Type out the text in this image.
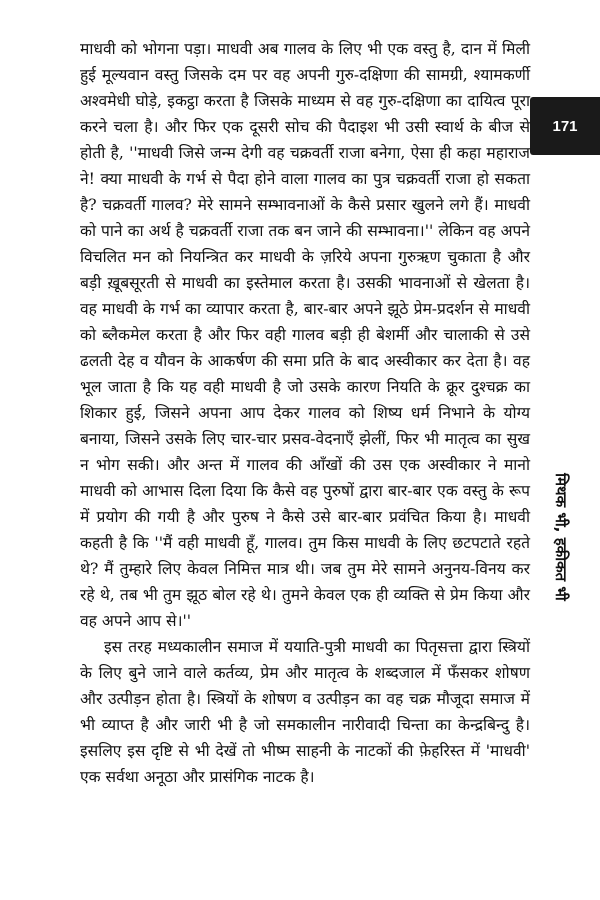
171
मिथक भी, हकीकत भी

माधवी को भोगना पड़ा। माधवी अब गालव के लिए भी एक वस्तु है, दान में मिली हुई मूल्यवान वस्तु जिसके दम पर वह अपनी गुरु-दक्षिणा की सामग्री, श्यामकर्णी अश्वमेधी घोड़े, इकट्ठा करता है जिसके माध्यम से वह गुरु-दक्षिणा का दायित्व पूरा करने चला है। और फिर एक दूसरी सोच की पैदाइश भी उसी स्वार्थ के बीज से होती है, ''माधवी जिसे जन्म देगी वह चक्रवर्ती राजा बनेगा, ऐसा ही कहा महाराज ने! क्या माधवी के गर्भ से पैदा होने वाला गालव का पुत्र चक्रवर्ती राजा हो सकता है? चक्रवर्ती गालव? मेरे सामने सम्भावनाओं के कैसे प्रसार खुलने लगे हैं। माधवी को पाने का अर्थ है चक्रवर्ती राजा तक बन जाने की सम्भावना।'' लेकिन वह अपने विचलित मन को नियन्त्रित कर माधवी के ज़रिये अपना गुरुऋण चुकाता है और बड़ी ख़ूबसूरती से माधवी का इस्तेमाल करता है। उसकी भावनाओं से खेलता है। वह माधवी के गर्भ का व्यापार करता है, बार-बार अपने झूठे प्रेम-प्रदर्शन से माधवी को ब्लैकमेल करता है और फिर वही गालव बड़ी ही बेशर्मी और चालाकी से उसे ढलती देह व यौवन के आकर्षण की समा प्रति के बाद अस्वीकार कर देता है। वह भूल जाता है कि यह वही माधवी है जो उसके कारण नियति के क्रूर दुश्चक्र का शिकार हुई, जिसने अपना आप देकर गालव को शिष्य धर्म निभाने के योग्य बनाया, जिसने उसके लिए चार-चार प्रसव-वेदनाएँ झेलीं, फिर भी मातृत्व का सुख न भोग सकी। और अन्त में गालव की आँखों की उस एक अस्वीकार ने मानो माधवी को आभास दिला दिया कि कैसे वह पुरुषों द्वारा बार-बार एक वस्तु के रूप में प्रयोग की गयी है और पुरुष ने कैसे उसे बार-बार प्रवंचित किया है। माधवी कहती है कि ''मैं वही माधवी हूँ, गालव। तुम किस माधवी के लिए छटपटाते रहते थे? मैं तुम्हारे लिए केवल निमित्त मात्र थी। जब तुम मेरे सामने अनुनय-विनय कर रहे थे, तब भी तुम झूठ बोल रहे थे। तुमने केवल एक ही व्यक्ति से प्रेम किया और वह अपने आप से।''

इस तरह मध्यकालीन समाज में ययाति-पुत्री माधवी का पितृसत्ता द्वारा स्त्रियों के लिए बुने जाने वाले कर्तव्य, प्रेम और मातृत्व के शब्दजाल में फँसकर शोषण और उत्पीड़न होता है। स्त्रियों के शोषण व उत्पीड़न का वह चक्र मौजूदा समाज में भी व्याप्त है और जारी भी है जो समकालीन नारीवादी चिन्ता का केन्द्रबिन्दु है। इसलिए इस दृष्टि से भी देखें तो भीष्म साहनी के नाटकों की फ़ेहरिस्त में 'माधवी' एक सर्वथा अनूठा और प्रासंगिक नाटक है।
